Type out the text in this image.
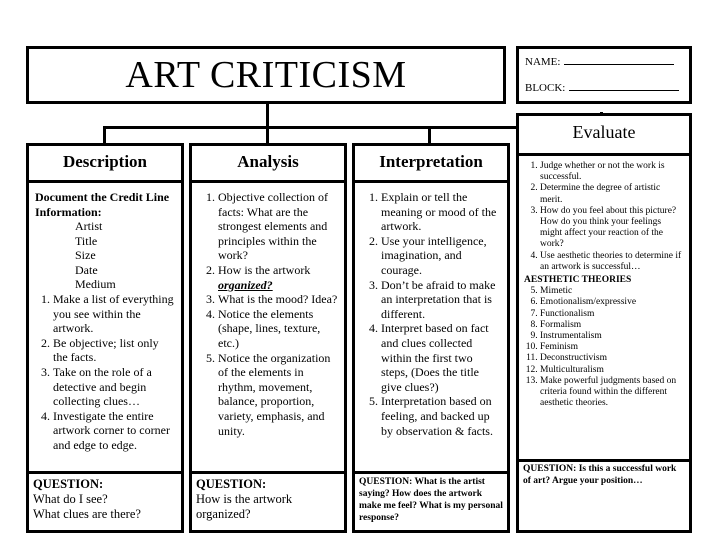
ART CRITICISM	NAME:
BLOCK:
Description
Document the Credit Line Information:
Artist
Title
Size
Date
Medium
1. Make a list of everything you see within the artwork.
2. Be objective; list only the facts.
3. Take on the role of a detective and begin collecting clues…
4. Investigate the entire artwork corner to corner and edge to edge.
QUESTION:
What do I see?
What clues are there?
Analysis
1. Objective collection of facts: What are the strongest elements and principles within the work?
2. How is the artwork organized?
3. What is the mood? Idea?
4. Notice the elements (shape, lines, texture, etc.)
5. Notice the organization of the elements in rhythm, movement, balance, proportion, variety, emphasis, and unity.
QUESTION:
How is the artwork organized?
Interpretation
1. Explain or tell the meaning or mood of the artwork.
2. Use your intelligence, imagination, and courage.
3. Don’t be afraid to make an interpretation that is different.
4. Interpret based on fact and clues collected within the first two steps, (Does the title give clues?)
5. Interpretation based on feeling, and backed up by observation & facts.
QUESTION: What is the artist saying? How does the artwork make me feel? What is my personal response?
Evaluate
1. Judge whether or not the work is successful.
2. Determine the degree of artistic merit.
3. How do you feel about this picture? How do you think your feelings might affect your reaction of the work?
4. Use aesthetic theories to determine if an artwork is successful…
AESTHETIC THEORIES
5. Mimetic
6. Emotionalism/expressive
7. Functionalism
8. Formalism
9. Instrumentalism
10. Feminism
11. Deconstructivism
12. Multiculturalism
13. Make powerful judgments based on criteria found within the different aesthetic theories.
QUESTION: Is this a successful work of art? Argue your position…
